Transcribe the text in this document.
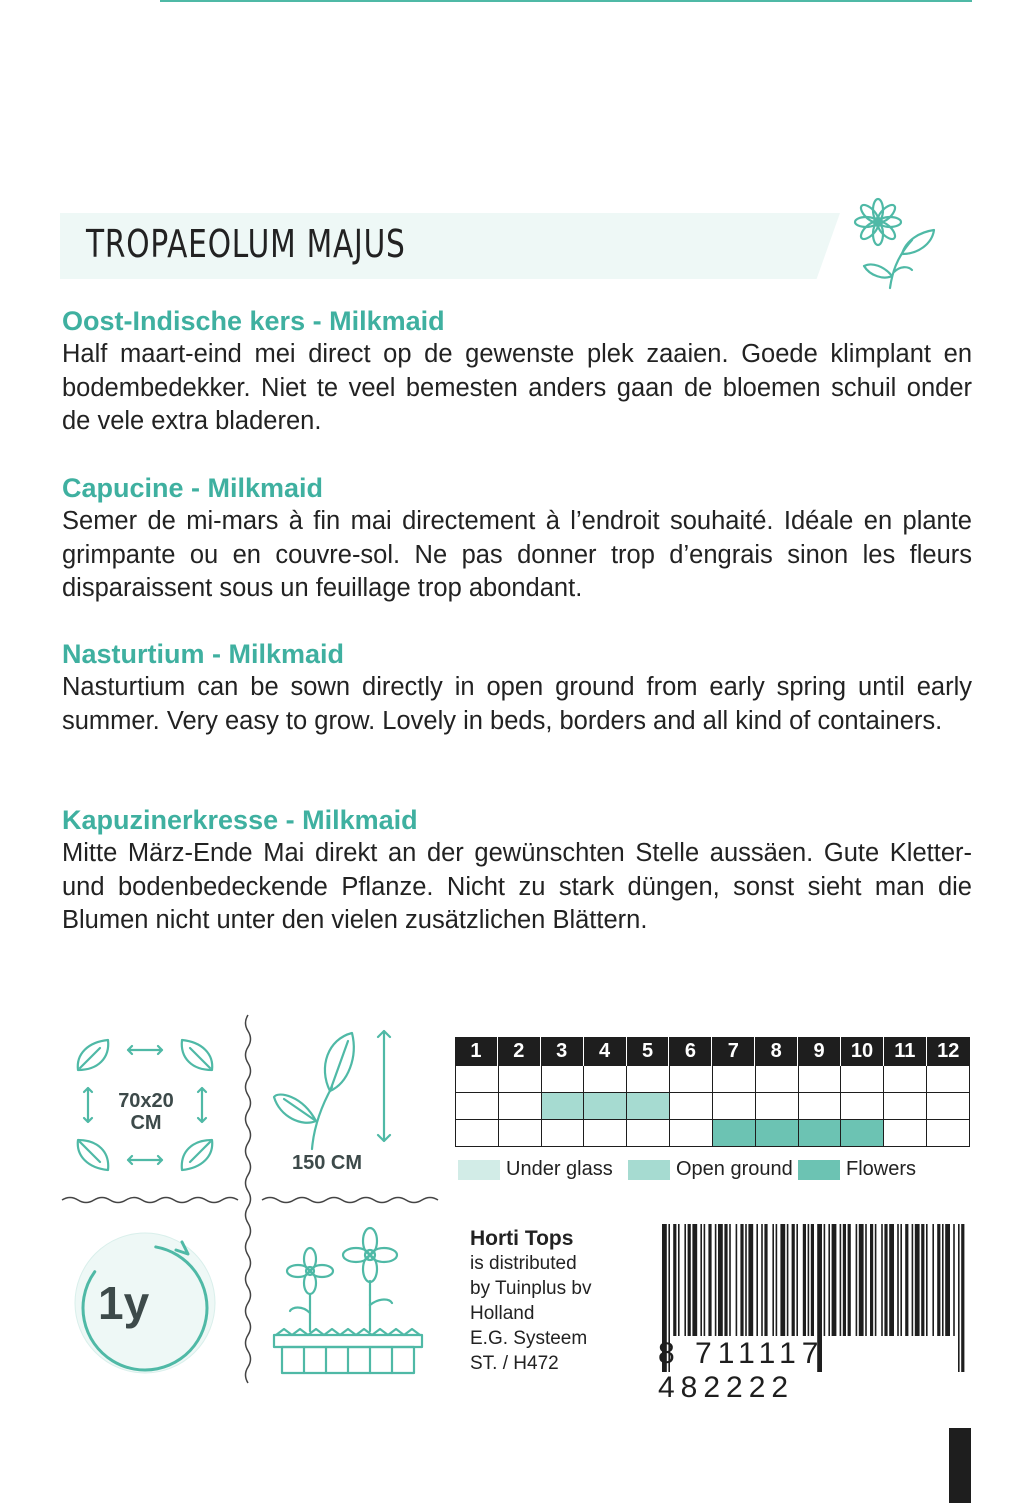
TROPAEOLUM MAJUS

Oost-Indische kers - Milkmaid

Half maart-eind mei direct op de gewenste plek zaaien. Goede klimplant en bodembedekker. Niet te veel bemesten anders gaan de bloemen schuil onder de vele extra bladeren.

Capucine - Milkmaid

Semer de mi-mars à fin mai directement à l’endroit souhaité. Idéale en plante grimpante ou en couvre-sol. Ne pas donner trop d’engrais sinon les fleurs disparaissent sous un feuillage trop abondant.

Nasturtium - Milkmaid

Nasturtium can be sown directly in open ground from early spring until early summer. Very easy to grow. Lovely in beds, borders and all kind of containers.

Kapuzinerkresse - Milkmaid

Mitte März-Ende Mai direkt an der gewünschten Stelle aussäen. Gute Kletter- und bodenbedeckende Pflanze. Nicht zu stark düngen, sonst sieht man die Blumen nicht unter den vielen zusätzlichen Blättern.

70x20
CM
150 CM
1y
1	2	3	4	5	6	7	8	9	10	11	12
Under glass	Open ground	Flowers
Horti Tops
is distributed
by Tuinplus bv
Holland
E.G. Systeem
ST. / H472	8 711117 482222
